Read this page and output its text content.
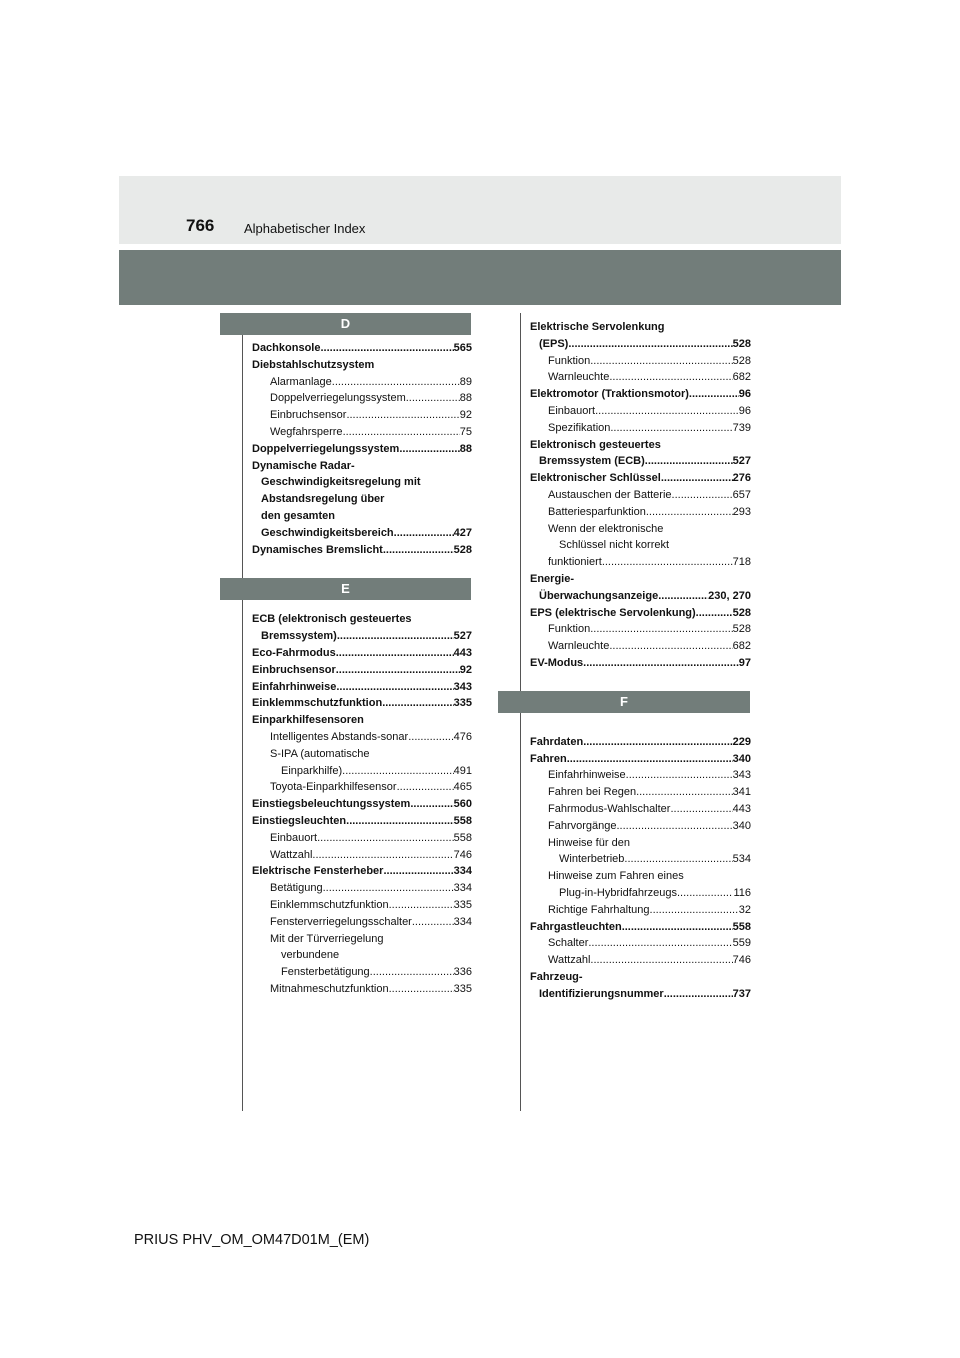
766 Alphabetischer Index
D
E
F
Dachkonsole .....	565
Diebstahlschutzsystem
Alarmanlage .....	89
Doppelverriegelungssystem .....	88
Einbruchsensor .....	92
Wegfahrsperre .....	75
Doppelverriegelungssystem .....	88
Dynamische Radar-
Geschwindigkeitsregelung mit
Abstandsregelung über
den gesamten
Geschwindigkeitsbereich .....	427
Dynamisches Bremslicht .....	528
ECB (elektronisch gesteuertes
Bremssystem) .....	527
Eco-Fahrmodus .....	443
Einbruchsensor .....	92
Einfahrhinweise .....	343
Einklemmschutzfunktion .....	335
Einparkhilfesensoren
Intelligentes Abstands-sonar .....	476
S-IPA (automatische
Einparkhilfe) .....	491
Toyota-Einparkhilfesensor .....	465
Einstiegsbeleuchtungssystem .....	560
Einstiegsleuchten .....	558
Einbauort .....	558
Wattzahl .....	746
Elektrische Fensterheber .....	334
Betätigung .....	334
Einklemmschutzfunktion .....	335
Fensterverriegelungsschalter .....	334
Mit der Türverriegelung
verbundene
Fensterbetätigung .....	336
Mitnahmeschutzfunktion .....	335
Elektrische Servolenkung
(EPS) .....	528
Funktion .....	528
Warnleuchte .....	682
Elektromotor (Traktionsmotor) .....	96
Einbauort .....	96
Spezifikation .....	739
Elektronisch gesteuertes
Bremssystem (ECB) .....	527
Elektronischer Schlüssel .....	276
Austauschen der Batterie .....	657
Batteriesparfunktion .....	293
Wenn der elektronische
Schlüssel nicht korrekt
funktioniert .....	718
Energie-
Überwachungsanzeige .....	230, 270
EPS (elektrische Servolenkung) .....	528
Funktion .....	528
Warnleuchte .....	682
EV-Modus .....	97
Fahrdaten .....	229
Fahren .....	340
Einfahrhinweise .....	343
Fahren bei Regen .....	341
Fahrmodus-Wahlschalter .....	443
Fahrvorgänge .....	340
Hinweise für den
Winterbetrieb .....	534
Hinweise zum Fahren eines
Plug-in-Hybridfahrzeugs .....	116
Richtige Fahrhaltung .....	32
Fahrgastleuchten .....	558
Schalter .....	559
Wattzahl .....	746
Fahrzeug-
Identifizierungsnummer .....	737
PRIUS PHV_OM_OM47D01M_(EM)
